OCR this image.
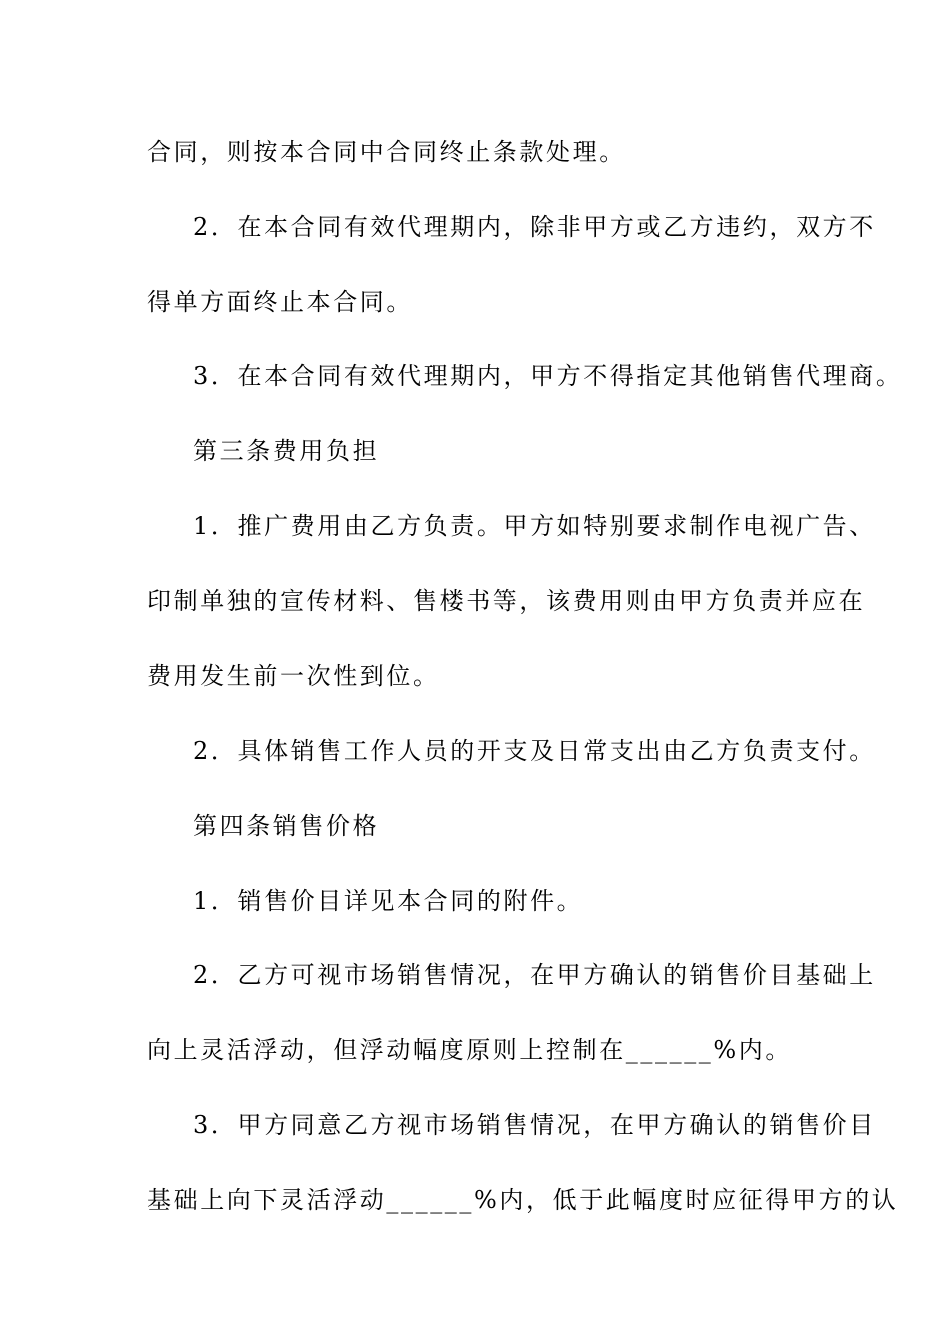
合同，则按本合同中合同终止条款处理。
2．在本合同有效代理期内，除非甲方或乙方违约，双方不
得单方面终止本合同。
3．在本合同有效代理期内，甲方不得指定其他销售代理商。
第三条费用负担
1．推广费用由乙方负责。甲方如特别要求制作电视广告、
印制单独的宣传材料、售楼书等，该费用则由甲方负责并应在
费用发生前一次性到位。
2．具体销售工作人员的开支及日常支出由乙方负责支付。
第四条销售价格
1．销售价目详见本合同的附件。
2．乙方可视市场销售情况，在甲方确认的销售价目基础上
向上灵活浮动，但浮动幅度原则上控制在______%内。
3．甲方同意乙方视市场销售情况，在甲方确认的销售价目
基础上向下灵活浮动______%内，低于此幅度时应征得甲方的认
